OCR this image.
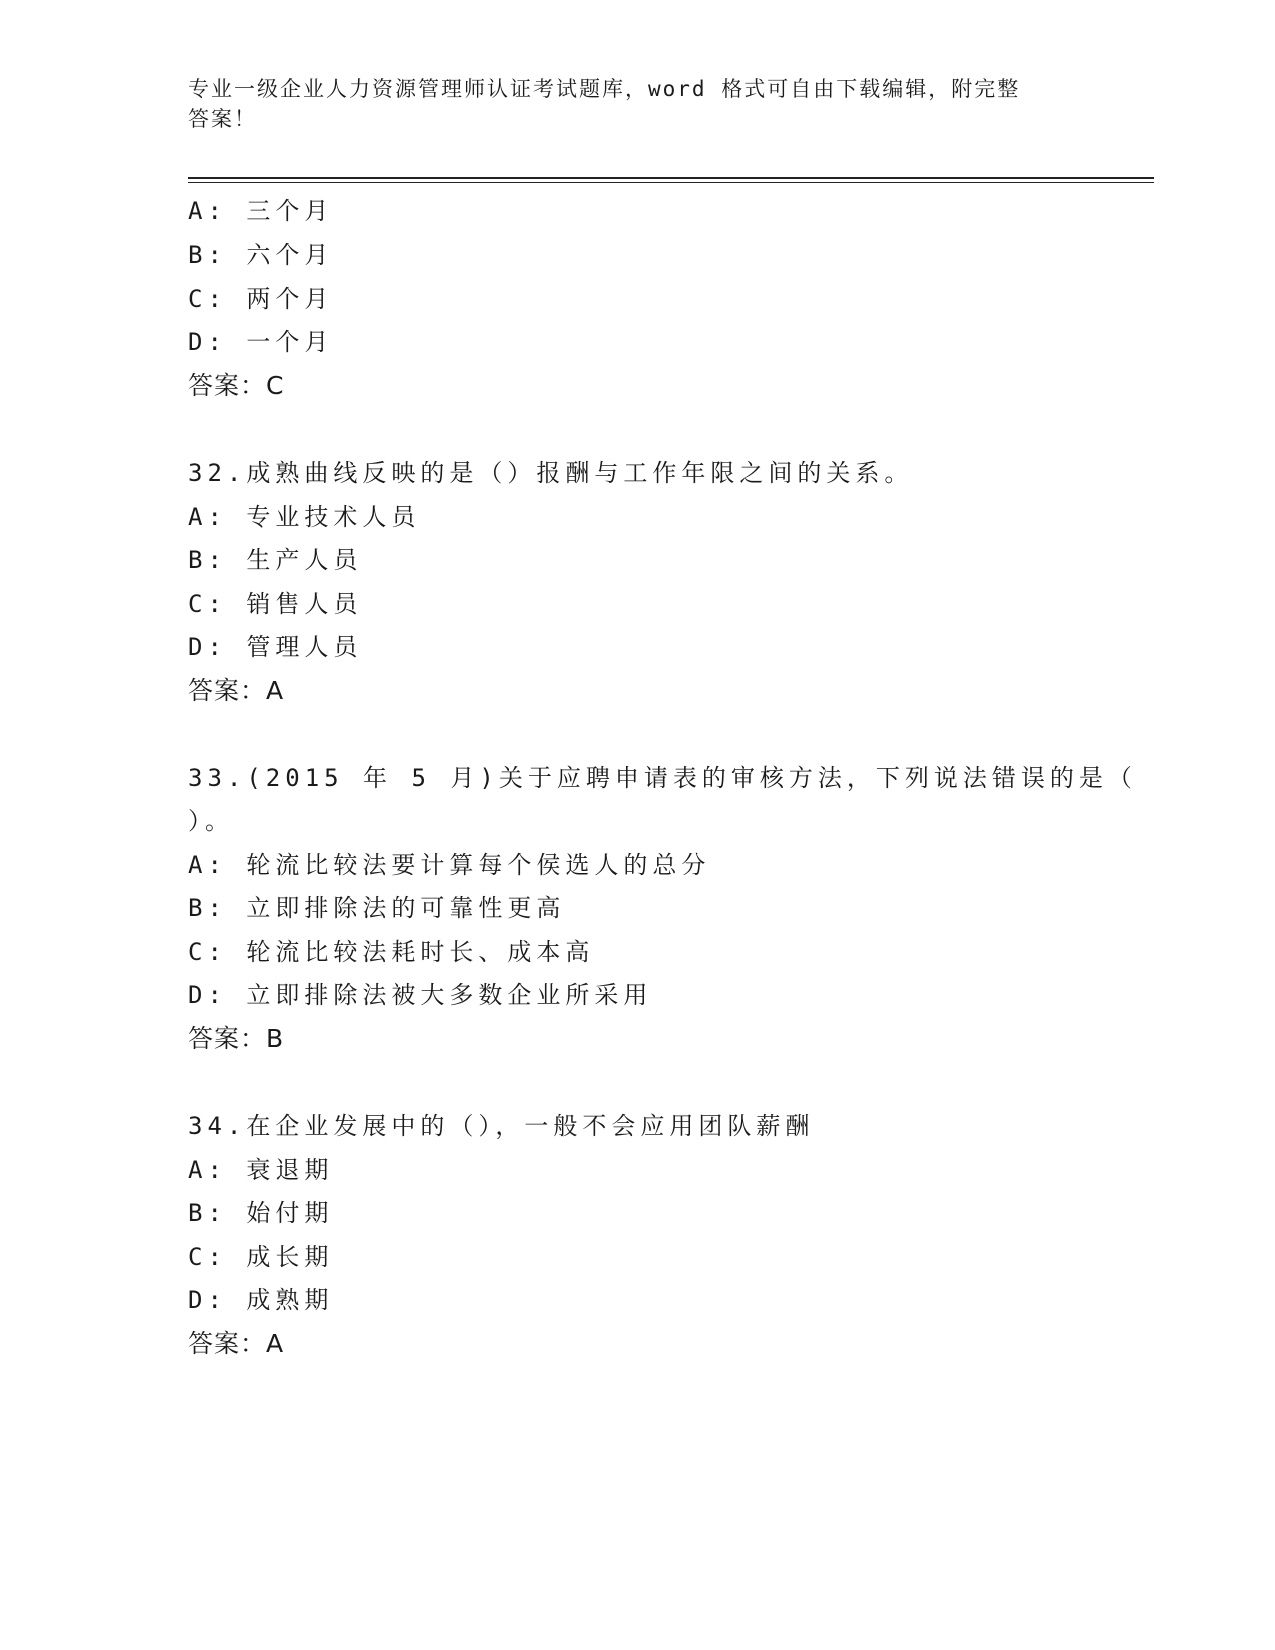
专业一级企业人力资源管理师认证考试题库，word 格式可自由下载编辑，附完整
答案！
A: 三个月
B: 六个月
C: 两个月
D: 一个月
答案：C
32.成熟曲线反映的是（）报酬与工作年限之间的关系。
A: 专业技术人员
B: 生产人员
C: 销售人员
D: 管理人员
答案：A
33.(2015 年 5 月)关于应聘申请表的审核方法，下列说法错误的是（
）。
A: 轮流比较法要计算每个侯选人的总分
B: 立即排除法的可靠性更高
C: 轮流比较法耗时长、成本高
D: 立即排除法被大多数企业所采用
答案：B
34.在企业发展中的（），一般不会应用团队薪酬
A: 衰退期
B: 始付期
C: 成长期
D: 成熟期
答案：A
